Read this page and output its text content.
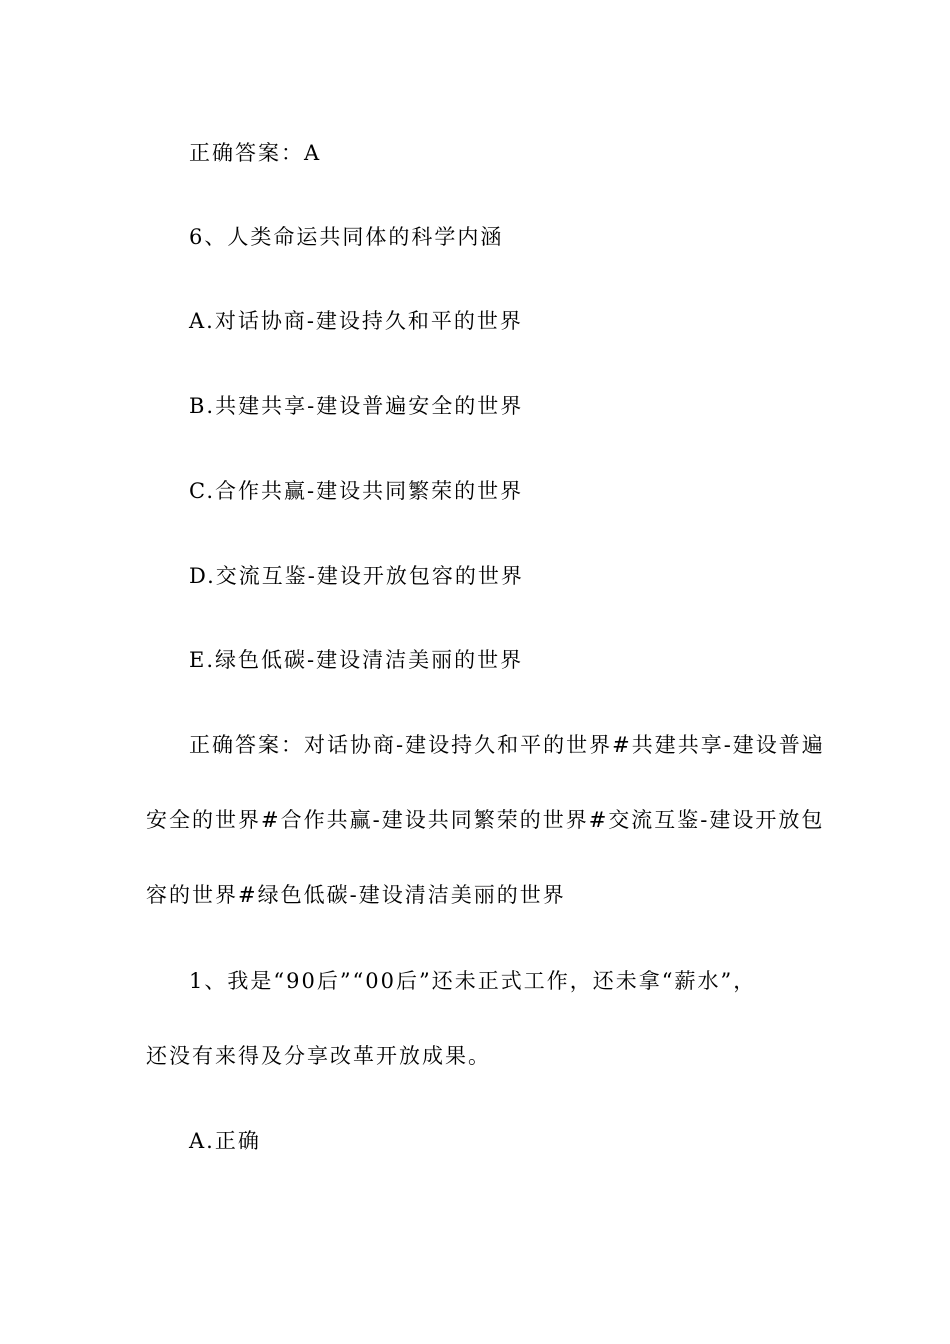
正确答案：A
6、人类命运共同体的科学内涵
A.对话协商-建设持久和平的世界
B.共建共享-建设普遍安全的世界
C.合作共赢-建设共同繁荣的世界
D.交流互鉴-建设开放包容的世界
E.绿色低碳-建设清洁美丽的世界
正确答案：对话协商-建设持久和平的世界#共建共享-建设普遍
安全的世界#合作共赢-建设共同繁荣的世界#交流互鉴-建设开放包
容的世界#绿色低碳-建设清洁美丽的世界
1、我是“90后”“00后”还未正式工作，还未拿“薪水”，
还没有来得及分享改革开放成果。
A.正确
